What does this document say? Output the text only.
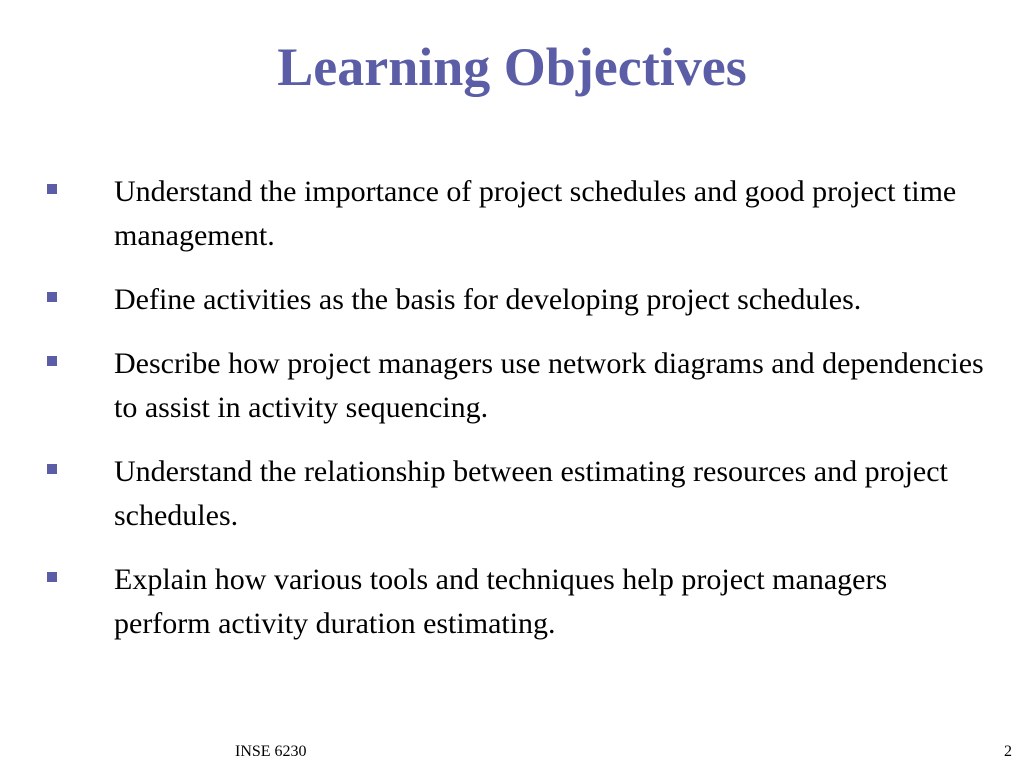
Learning Objectives
Understand the importance of project schedules and good project time management.
Define activities as the basis for developing project schedules.
Describe how project managers use network diagrams and dependencies to assist in activity sequencing.
Understand the relationship between estimating resources and project schedules.
Explain how various tools and techniques help project managers perform activity duration estimating.
INSE 6230	2
